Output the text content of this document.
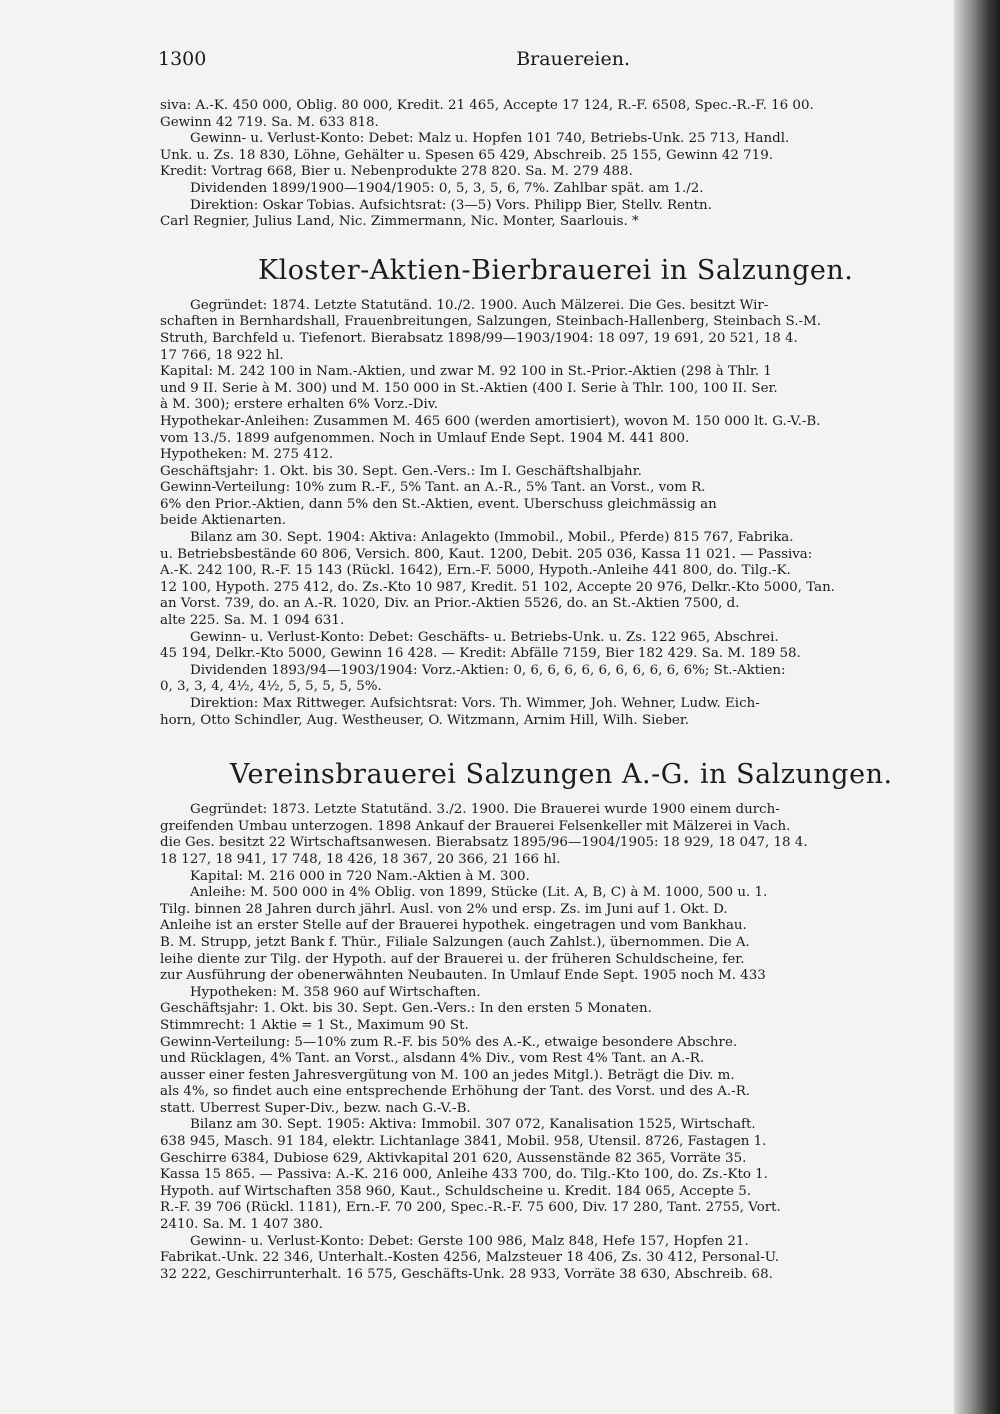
1300	Brauereien.

siva: A.-K. 450 000, Oblig. 80 000, Kredit. 21 465, Accepte 17 124, R.-F. 6508, Spec.-R.-F. 16 00.

Gewinn 42 719. Sa. M. 633 818.

Gewinn- u. Verlust-Konto: Debet: Malz u. Hopfen 101 740, Betriebs-Unk. 25 713, Handl.

Unk. u. Zs. 18 830, Löhne, Gehälter u. Spesen 65 429, Abschreib. 25 155, Gewinn 42 719.

Kredit: Vortrag 668, Bier u. Nebenprodukte 278 820. Sa. M. 279 488.

Dividenden 1899/1900—1904/1905: 0, 5, 3, 5, 6, 7%. Zahlbar spät. am 1./2.

Direktion: Oskar Tobias. Aufsichtsrat: (3—5) Vors. Philipp Bier, Stellv. Rentn.

Carl Regnier, Julius Land, Nic. Zimmermann, Nic. Monter, Saarlouis. *

Kloster-Aktien-Bierbrauerei in Salzungen.

Gegründet: 1874. Letzte Statutänd. 10./2. 1900. Auch Mälzerei. Die Ges. besitzt Wir-

schaften in Bernhardshall, Frauenbreitungen, Salzungen, Steinbach-Hallenberg, Steinbach S.-M.

Struth, Barchfeld u. Tiefenort. Bierabsatz 1898/99—1903/1904: 18 097, 19 691, 20 521, 18 4.

17 766, 18 922 hl.

Kapital: M. 242 100 in Nam.-Aktien, und zwar M. 92 100 in St.-Prior.-Aktien (298 à Thlr. 1

und 9 II. Serie à M. 300) und M. 150 000 in St.-Aktien (400 I. Serie à Thlr. 100, 100 II. Ser.

à M. 300); erstere erhalten 6% Vorz.-Div.

Hypothekar-Anleihen: Zusammen M. 465 600 (werden amortisiert), wovon M. 150 000 lt. G.-V.-B.

vom 13./5. 1899 aufgenommen. Noch in Umlauf Ende Sept. 1904 M. 441 800.

Hypotheken: M. 275 412.

Geschäftsjahr: 1. Okt. bis 30. Sept. Gen.-Vers.: Im I. Geschäftshalbjahr.

Gewinn-Verteilung: 10% zum R.-F., 5% Tant. an A.-R., 5% Tant. an Vorst., vom R.

6% den Prior.-Aktien, dann 5% den St.-Aktien, event. Überschuss gleichmässig an

beide Aktienarten.

Bilanz am 30. Sept. 1904: Aktiva: Anlagekto (Immobil., Mobil., Pferde) 815 767, Fabrika.

u. Betriebsbestände 60 806, Versich. 800, Kaut. 1200, Debit. 205 036, Kassa 11 021. — Passiva:

A.-K. 242 100, R.-F. 15 143 (Rückl. 1642), Ern.-F. 5000, Hypoth.-Anleihe 441 800, do. Tilg.-K.

12 100, Hypoth. 275 412, do. Zs.-Kto 10 987, Kredit. 51 102, Accepte 20 976, Delkr.-Kto 5000, Tan.

an Vorst. 739, do. an A.-R. 1020, Div. an Prior.-Aktien 5526, do. an St.-Aktien 7500, d.

alte 225. Sa. M. 1 094 631.

Gewinn- u. Verlust-Konto: Debet: Geschäfts- u. Betriebs-Unk. u. Zs. 122 965, Abschrei.

45 194, Delkr.-Kto 5000, Gewinn 16 428. — Kredit: Abfälle 7159, Bier 182 429. Sa. M. 189 58.

Dividenden 1893/94—1903/1904: Vorz.-Aktien: 0, 6, 6, 6, 6, 6, 6, 6, 6, 6, 6%; St.-Aktien:

0, 3, 3, 4, 4½, 4½, 5, 5, 5, 5, 5%.

Direktion: Max Rittweger. Aufsichtsrat: Vors. Th. Wimmer, Joh. Wehner, Ludw. Eich-

horn, Otto Schindler, Aug. Westheuser, O. Witzmann, Arnim Hill, Wilh. Sieber.

Vereinsbrauerei Salzungen A.-G. in Salzungen.

Gegründet: 1873. Letzte Statutänd. 3./2. 1900. Die Brauerei wurde 1900 einem durch-

greifenden Umbau unterzogen. 1898 Ankauf der Brauerei Felsenkeller mit Mälzerei in Vach.

die Ges. besitzt 22 Wirtschaftsanwesen. Bierabsatz 1895/96—1904/1905: 18 929, 18 047, 18 4.

18 127, 18 941, 17 748, 18 426, 18 367, 20 366, 21 166 hl.

Kapital: M. 216 000 in 720 Nam.-Aktien à M. 300.

Anleihe: M. 500 000 in 4% Oblig. von 1899, Stücke (Lit. A, B, C) à M. 1000, 500 u. 1.

Tilg. binnen 28 Jahren durch jährl. Ausl. von 2% und ersp. Zs. im Juni auf 1. Okt. D.

Anleihe ist an erster Stelle auf der Brauerei hypothek. eingetragen und vom Bankhau.

B. M. Strupp, jetzt Bank f. Thür., Filiale Salzungen (auch Zahlst.), übernommen. Die A.

leihe diente zur Tilg. der Hypoth. auf der Brauerei u. der früheren Schuldscheine, fer.

zur Ausführung der obenerwähnten Neubauten. In Umlauf Ende Sept. 1905 noch M. 433

Hypotheken: M. 358 960 auf Wirtschaften.

Geschäftsjahr: 1. Okt. bis 30. Sept. Gen.-Vers.: In den ersten 5 Monaten.

Stimmrecht: 1 Aktie = 1 St., Maximum 90 St.

Gewinn-Verteilung: 5—10% zum R.-F. bis 50% des A.-K., etwaige besondere Abschre.

und Rücklagen, 4% Tant. an Vorst., alsdann 4% Div., vom Rest 4% Tant. an A.-R.

ausser einer festen Jahresvergütung von M. 100 an jedes Mitgl.). Beträgt die Div. m.

als 4%, so findet auch eine entsprechende Erhöhung der Tant. des Vorst. und des A.-R.

statt. Überrest Super-Div., bezw. nach G.-V.-B.

Bilanz am 30. Sept. 1905: Aktiva: Immobil. 307 072, Kanalisation 1525, Wirtschaft.

638 945, Masch. 91 184, elektr. Lichtanlage 3841, Mobil. 958, Utensil. 8726, Fastagen 1.

Geschirre 6384, Dubiose 629, Aktivkapital 201 620, Aussenstände 82 365, Vorräte 35.

Kassa 15 865. — Passiva: A.-K. 216 000, Anleihe 433 700, do. Tilg.-Kto 100, do. Zs.-Kto 1.

Hypoth. auf Wirtschaften 358 960, Kaut., Schuldscheine u. Kredit. 184 065, Accepte 5.

R.-F. 39 706 (Rückl. 1181), Ern.-F. 70 200, Spec.-R.-F. 75 600, Div. 17 280, Tant. 2755, Vort.

2410. Sa. M. 1 407 380.

Gewinn- u. Verlust-Konto: Debet: Gerste 100 986, Malz 848, Hefe 157, Hopfen 21.

Fabrikat.-Unk. 22 346, Unterhalt.-Kosten 4256, Malzsteuer 18 406, Zs. 30 412, Personal-U.

32 222, Geschirrunterhalt. 16 575, Geschäfts-Unk. 28 933, Vorräte 38 630, Abschreib. 68.
